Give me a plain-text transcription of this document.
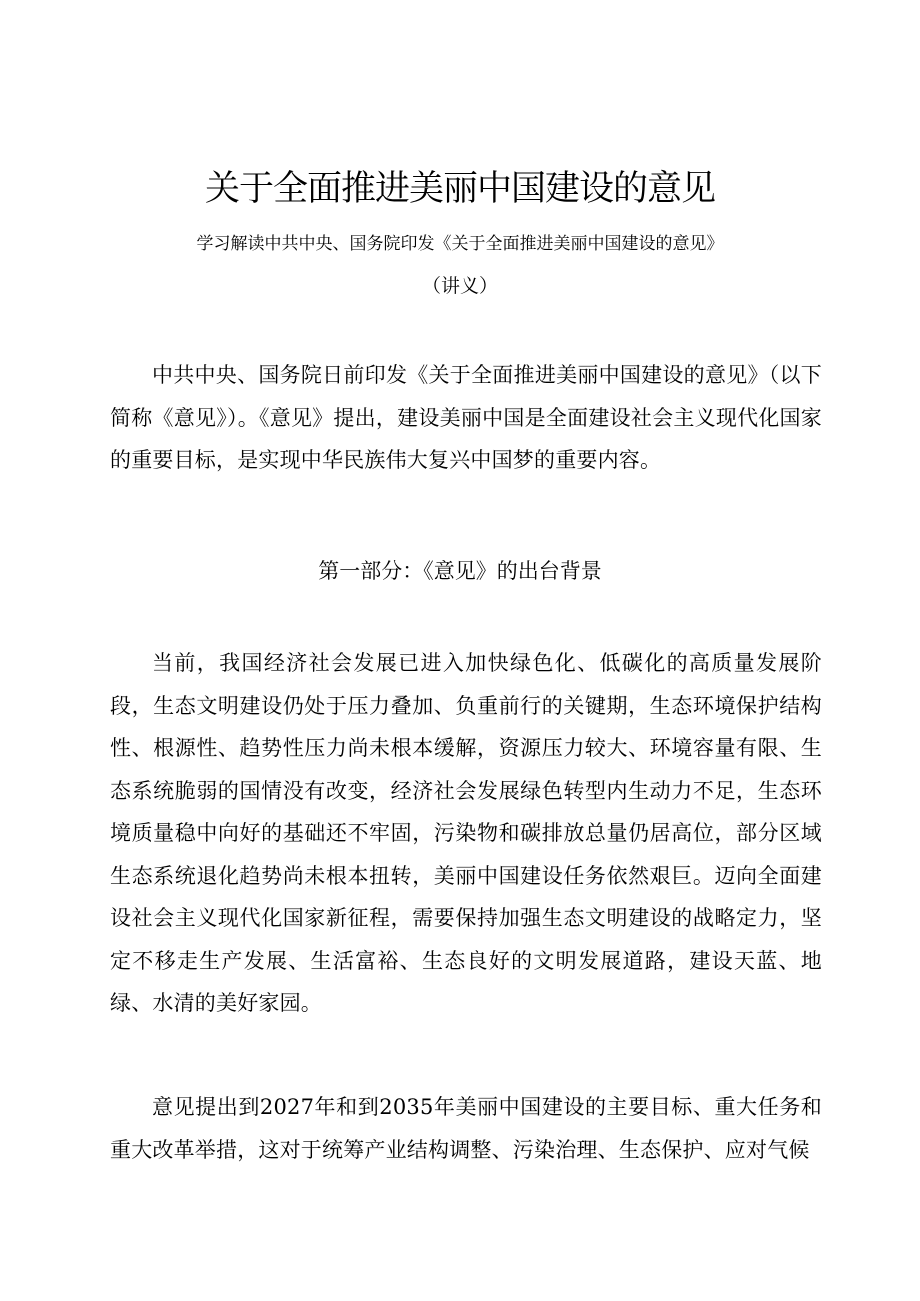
关于全面推进美丽中国建设的意见
学习解读中共中央、国务院印发《关于全面推进美丽中国建设的意见》
（讲义）

中共中央、国务院日前印发《关于全面推进美丽中国建设的意见》（以下简称《意见》）。《意见》提出，建设美丽中国是全面建设社会主义现代化国家的重要目标，是实现中华民族伟大复兴中国梦的重要内容。

第一部分：《意见》的出台背景

当前，我国经济社会发展已进入加快绿色化、低碳化的高质量发展阶段，生态文明建设仍处于压力叠加、负重前行的关键期，生态环境保护结构性、根源性、趋势性压力尚未根本缓解，资源压力较大、环境容量有限、生态系统脆弱的国情没有改变，经济社会发展绿色转型内生动力不足，生态环境质量稳中向好的基础还不牢固，污染物和碳排放总量仍居高位，部分区域生态系统退化趋势尚未根本扭转，美丽中国建设任务依然艰巨。迈向全面建设社会主义现代化国家新征程，需要保持加强生态文明建设的战略定力，坚定不移走生产发展、生活富裕、生态良好的文明发展道路，建设天蓝、地绿、水清的美好家园。

意见提出到2027年和到2035年美丽中国建设的主要目标、重大任务和重大改革举措，这对于统筹产业结构调整、污染治理、生态保护、应对气候
